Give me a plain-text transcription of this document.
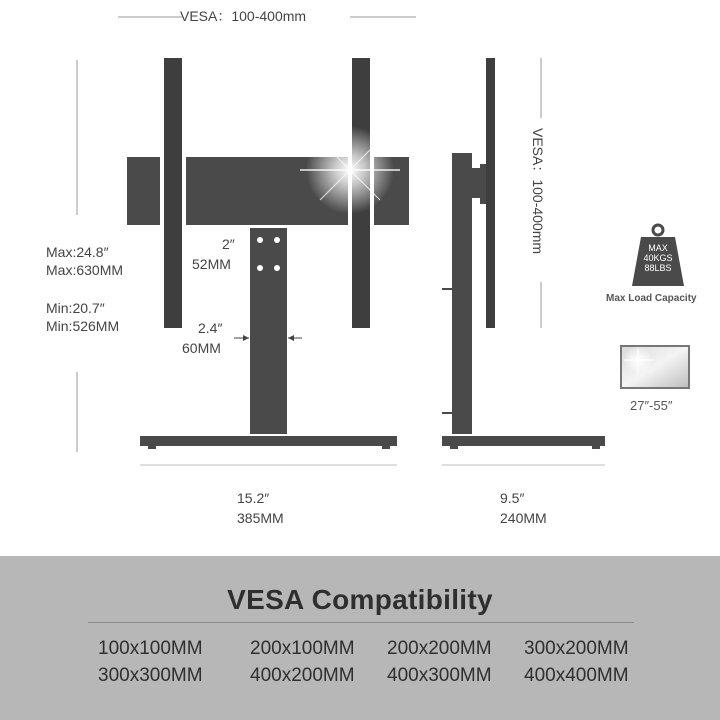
VESA：100-400mm
Max:24.8″
Max:630MM
Min:20.7″
Min:526MM
2″
52MM
2.4″
60MM
15.2″
385MM
9.5″
240MM
VESA：100-400mm	MAX
40KGS
88LBS
Max Load Capacity
27″-55″
VESA Compatibility
100x100MM 200x100MM 200x200MM 300x200MM
300x300MM 400x200MM 400x300MM 400x400MM
